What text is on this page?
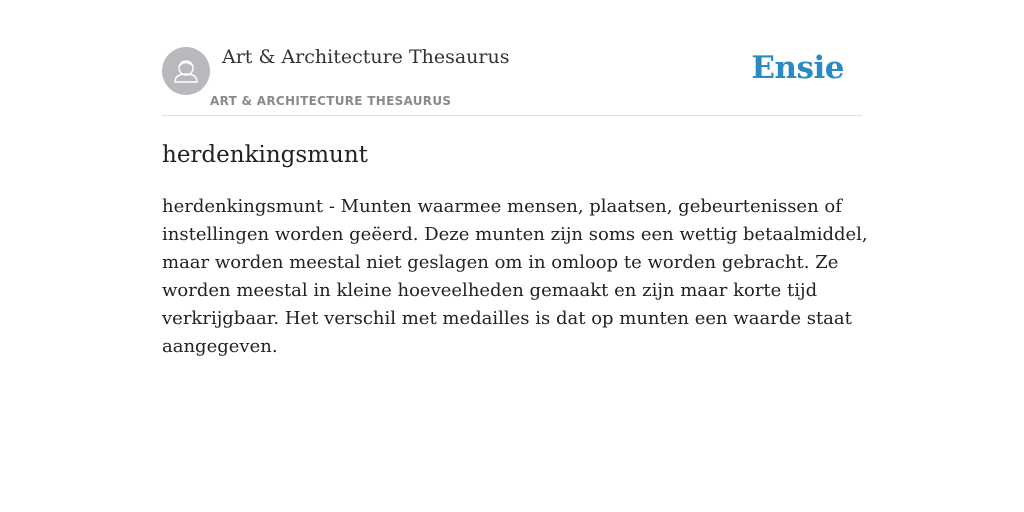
Art & Architecture Thesaurus
ART & ARCHITECTURE THESAURUS
Ensie
herdenkingsmunt

herdenkingsmunt - Munten waarmee mensen, plaatsen, gebeurtenissen of instellingen worden geëerd. Deze munten zijn soms een wettig betaalmiddel, maar worden meestal niet geslagen om in omloop te worden gebracht. Ze worden meestal in kleine hoeveelheden gemaakt en zijn maar korte tijd verkrijgbaar. Het verschil met medailles is dat op munten een waarde staat aangegeven.
